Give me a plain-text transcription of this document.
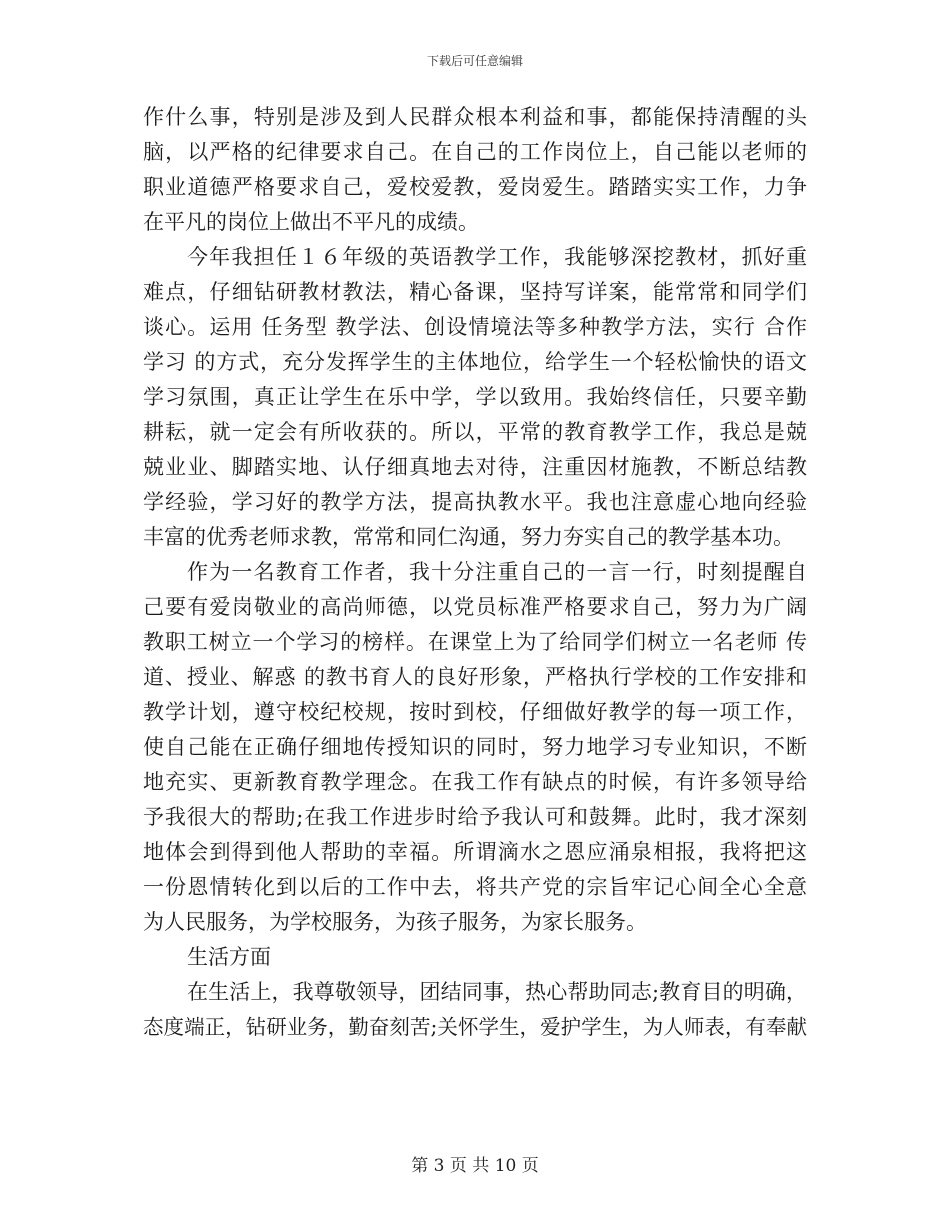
下载后可任意编辑
作什么事，特别是涉及到人民群众根本利益和事，都能保持清醒的头
脑，以严格的纪律要求自己。在自己的工作岗位上，自己能以老师的
职业道德严格要求自己，爱校爱教，爱岗爱生。踏踏实实工作，力争
在平凡的岗位上做出不平凡的成绩。
今年我担任１６年级的英语教学工作，我能够深挖教材，抓好重
难点，仔细钻研教材教法，精心备课，坚持写详案，能常常和同学们
谈心。运用 任务型 教学法、创设情境法等多种教学方法，实行 合作
学习 的方式，充分发挥学生的主体地位，给学生一个轻松愉快的语文
学习氛围，真正让学生在乐中学，学以致用。我始终信任，只要辛勤
耕耘，就一定会有所收获的。所以，平常的教育教学工作，我总是兢
兢业业、脚踏实地、认仔细真地去对待，注重因材施教，不断总结教
学经验，学习好的教学方法，提高执教水平。我也注意虚心地向经验
丰富的优秀老师求教，常常和同仁沟通，努力夯实自己的教学基本功。
作为一名教育工作者，我十分注重自己的一言一行，时刻提醒自
己要有爱岗敬业的高尚师德，以党员标准严格要求自己，努力为广阔
教职工树立一个学习的榜样。在课堂上为了给同学们树立一名老师 传
道、授业、解惑 的教书育人的良好形象，严格执行学校的工作安排和
教学计划，遵守校纪校规，按时到校，仔细做好教学的每一项工作，
使自己能在正确仔细地传授知识的同时，努力地学习专业知识，不断
地充实、更新教育教学理念。在我工作有缺点的时候，有许多领导给
予我很大的帮助;在我工作进步时给予我认可和鼓舞。此时，我才深刻
地体会到得到他人帮助的幸福。所谓滴水之恩应涌泉相报，我将把这
一份恩情转化到以后的工作中去，将共产党的宗旨牢记心间全心全意
为人民服务，为学校服务，为孩子服务，为家长服务。
生活方面
在生活上，我尊敬领导，团结同事，热心帮助同志;教育目的明确，
态度端正，钻研业务，勤奋刻苦;关怀学生，爱护学生，为人师表，有奉献
第 3 页 共 10 页
